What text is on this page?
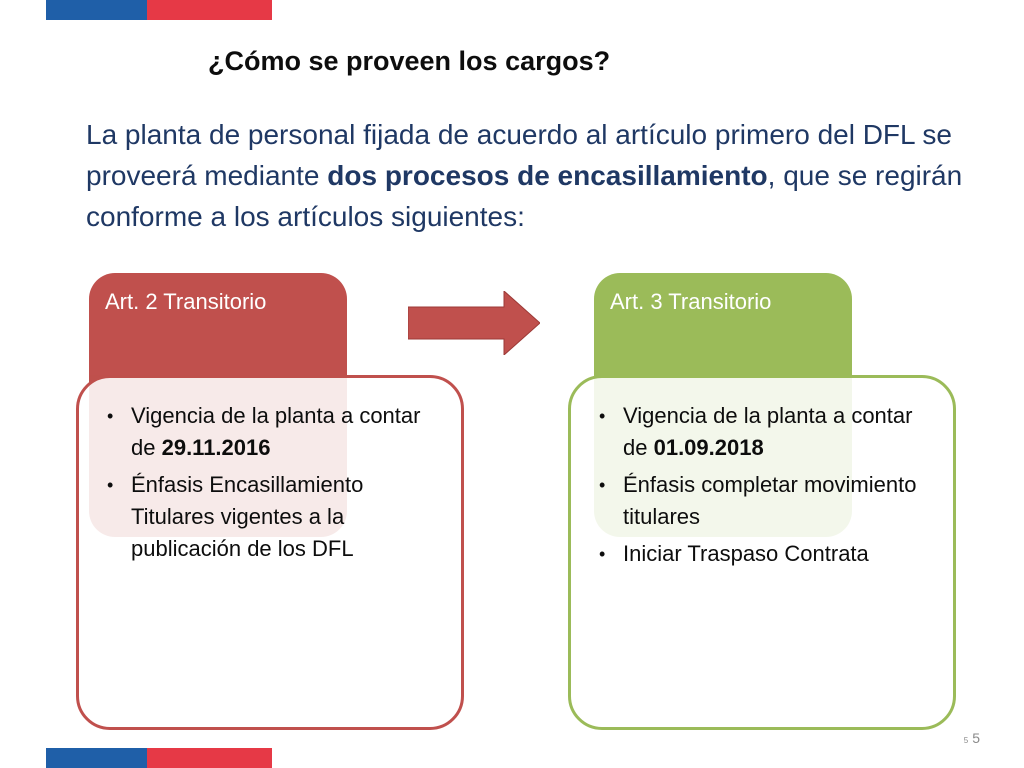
¿Cómo se proveen los cargos?
La planta de personal fijada de acuerdo al artículo primero del DFL se proveerá mediante dos procesos de encasillamiento, que se regirán conforme a los artículos siguientes:
Art. 2 Transitorio
• Vigencia de la planta a contar de 29.11.2016
• Énfasis Encasillamiento Titulares vigentes a la publicación de los DFL
Art. 3 Transitorio
• Vigencia de la planta a contar de 01.09.2018
• Énfasis completar movimiento titulares
• Iniciar Traspaso Contrata
5 5
